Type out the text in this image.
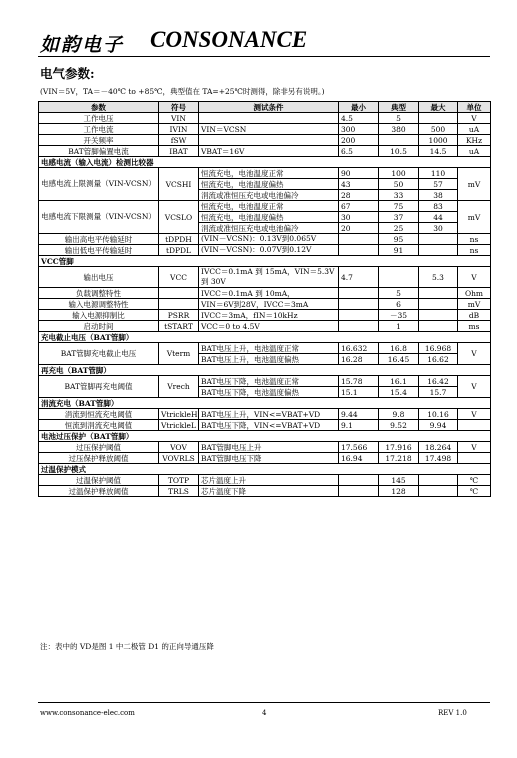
如韵电子 CONSONANCE
电气参数:
(VIN＝5V，TA＝－40℃ to +85℃，典型值在 TA=+25℃时测得，除非另有说明。)
参数	符号	测试条件	最小	典型	最大	单位
工作电压	VIN		4.5	5		V
工作电流	IVIN	VIN＝VCSN	300	380	500	uA
开关频率	fSW		200		1000	KHz
BAT管脚偏置电流	IBAT	VBAT＝16V	6.5	10.5	14.5	uA
电感电流（输入电流）检测比较器						
电感电流上限测量（VIN-VCSN）	VCSHI	恒流充电，电池温度正常	90	100	110	mV
		恒流充电，电池温度偏热	43	50	57	
		涓流或准恒压充电或电池偏冷	28	33	38	
电感电流下限测量（VIN-VCSN）	VCSLO	恒流充电，电池温度正常	67	75	83	mV
		恒流充电，电池温度偏热	30	37	44	
		涓流或准恒压充电或电池偏冷	20	25	30	
输出高电平传输延时	tDPDH	(VIN－VCSN)：0.13V到0.065V		95		ns
输出低电平传输延时	tDPDL	(VIN－VCSN)：0.07V到0.12V		91		ns
VCC管脚						
输出电压	VCC	IVCC＝0.1mA 到 15mA，VIN＝5.3V 到 30V	4.7		5.3	V
负载调整特性		IVCC＝0.1mA 到 10mA，		5		Ohm
输入电源调整特性		VIN＝6V到28V，IVCC＝3mA		6		mV
输入电源抑制比	PSRR	IVCC＝3mA，fIN＝10kHz		－35		dB
启动时间	tSTART	VCC＝0 to 4.5V		1		ms
充电截止电压（BAT管脚）						
BAT管脚充电截止电压	Vterm	BAT电压上升，电池温度正常	16.632	16.8	16.968	V
		BAT电压上升，电池温度偏热	16.28	16.45	16.62	
再充电（BAT管脚）						
BAT管脚再充电阈值	Vrech	BAT电压下降，电池温度正常	15.78	16.1	16.42	V
		BAT电压下降，电池温度偏热	15.1	15.4	15.7	
涓流充电（BAT管脚）						
涓流到恒流充电阈值	VtrickleH	BAT电压上升，VIN<=VBAT+VD	9.44	9.8	10.16	V
恒流到涓流充电阈值	VtrickleL	BAT电压下降，VIN<=VBAT+VD	9.1	9.52	9.94	
电池过压保护（BAT管脚）						
过压保护阈值	VOV	BAT管脚电压上升	17.566	17.916	18.264	V
过压保护释放阈值	VOVRLS	BAT管脚电压下降	16.94	17.218	17.498	
过温保护模式						
过温保护阈值	TOTP	芯片温度上升		145		℃
过温保护释放阈值	TRLS	芯片温度下降		128		℃
注：表中的 VD是图 1 中二极管 D1 的正向导通压降
www.consonance-elec.com	4	REV 1.0
